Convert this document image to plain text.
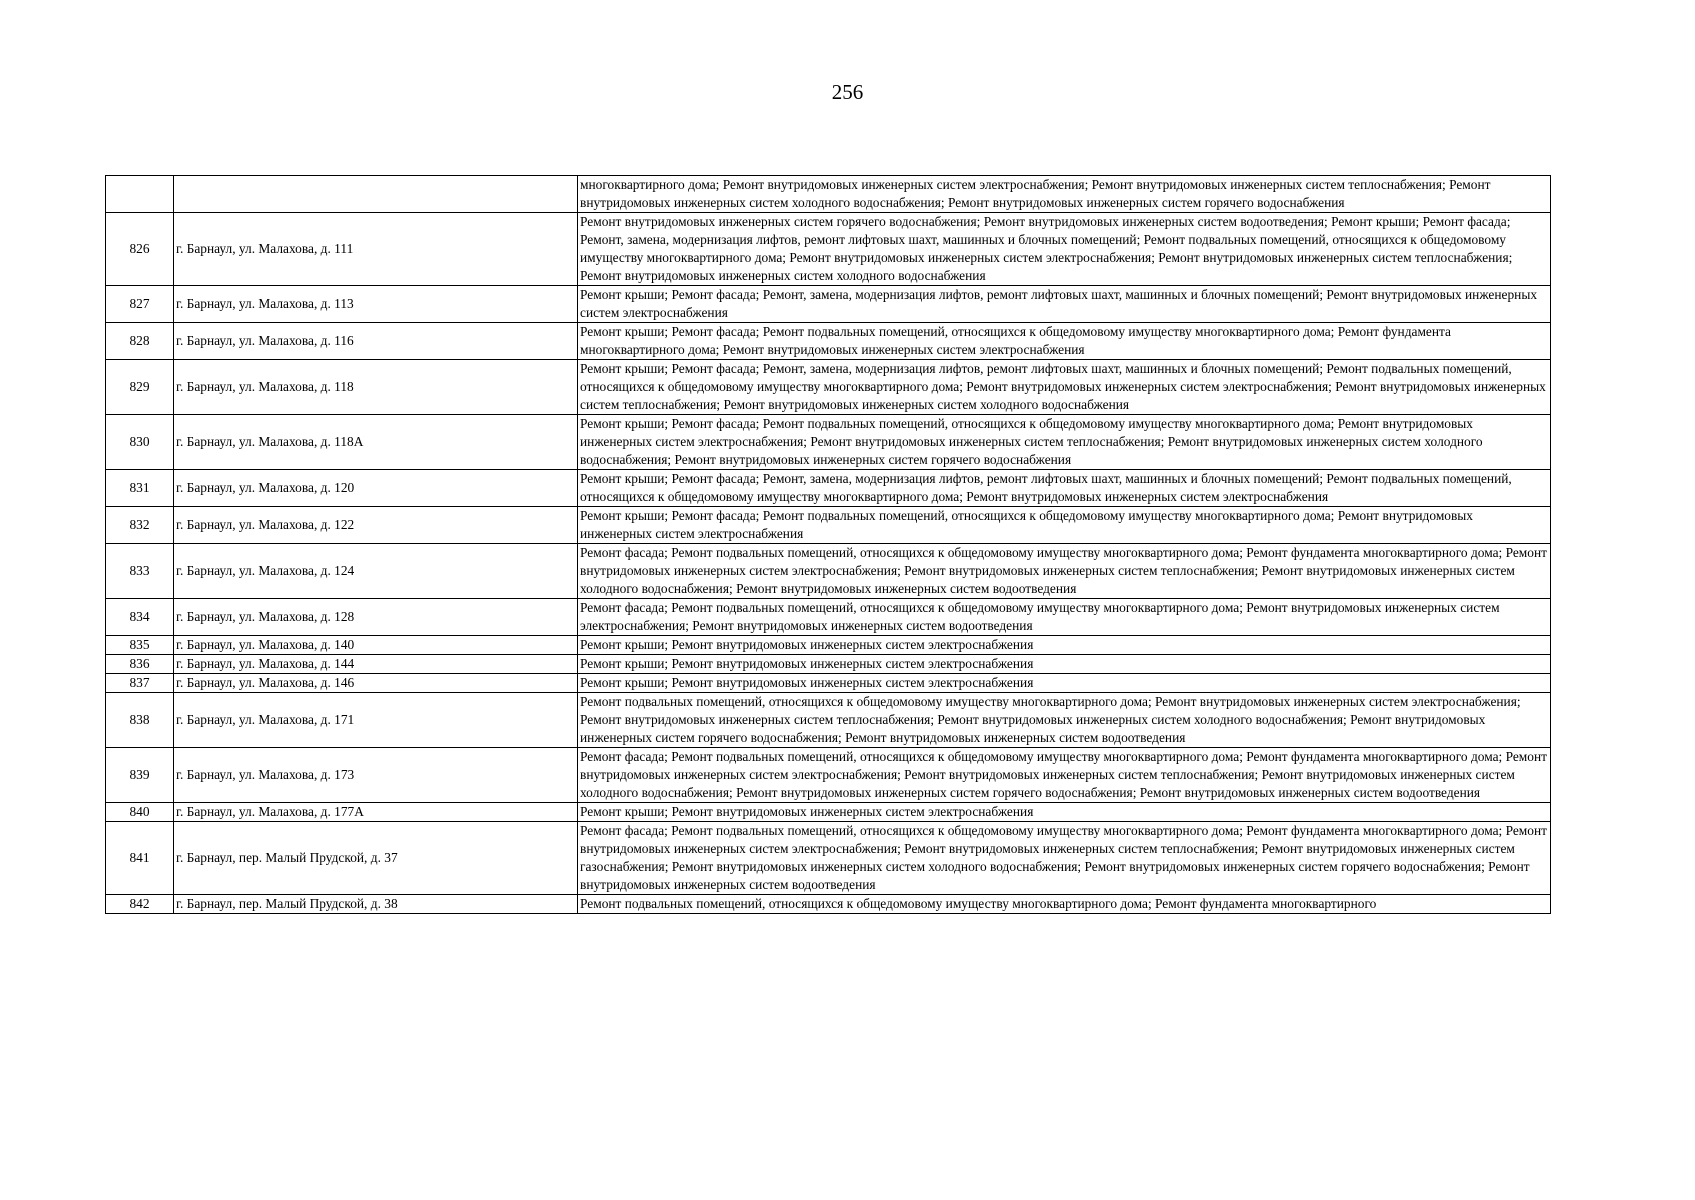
256
		многоквартирного дома; Ремонт внутридомовых инженерных систем электроснабжения; Ремонт внутридомовых инженерных систем теплоснабжения; Ремонт внутридомовых инженерных систем холодного водоснабжения; Ремонт внутридомовых инженерных систем горячего водоснабжения
826	г. Барнаул, ул. Малахова, д. 111	Ремонт внутридомовых инженерных систем горячего водоснабжения; Ремонт внутридомовых инженерных систем водоотведения; Ремонт крыши; Ремонт фасада; Ремонт, замена, модернизация лифтов, ремонт лифтовых шахт, машинных и блочных помещений; Ремонт подвальных помещений, относящихся к общедомовому имуществу многоквартирного дома; Ремонт внутридомовых инженерных систем электроснабжения; Ремонт внутридомовых инженерных систем теплоснабжения; Ремонт внутридомовых инженерных систем холодного водоснабжения
827	г. Барнаул, ул. Малахова, д. 113	Ремонт крыши; Ремонт фасада; Ремонт, замена, модернизация лифтов, ремонт лифтовых шахт, машинных и блочных помещений; Ремонт внутридомовых инженерных систем электроснабжения
828	г. Барнаул, ул. Малахова, д. 116	Ремонт крыши; Ремонт фасада; Ремонт подвальных помещений, относящихся к общедомовому имуществу многоквартирного дома; Ремонт фундамента многоквартирного дома; Ремонт внутридомовых инженерных систем электроснабжения
829	г. Барнаул, ул. Малахова, д. 118	Ремонт крыши; Ремонт фасада; Ремонт, замена, модернизация лифтов, ремонт лифтовых шахт, машинных и блочных помещений; Ремонт подвальных помещений, относящихся к общедомовому имуществу многоквартирного дома; Ремонт внутридомовых инженерных систем электроснабжения; Ремонт внутридомовых инженерных систем теплоснабжения; Ремонт внутридомовых инженерных систем холодного водоснабжения
830	г. Барнаул, ул. Малахова, д. 118А	Ремонт крыши; Ремонт фасада; Ремонт подвальных помещений, относящихся к общедомовому имуществу многоквартирного дома; Ремонт внутридомовых инженерных систем электроснабжения; Ремонт внутридомовых инженерных систем теплоснабжения; Ремонт внутридомовых инженерных систем холодного водоснабжения; Ремонт внутридомовых инженерных систем горячего водоснабжения
831	г. Барнаул, ул. Малахова, д. 120	Ремонт крыши; Ремонт фасада; Ремонт, замена, модернизация лифтов, ремонт лифтовых шахт, машинных и блочных помещений; Ремонт подвальных помещений, относящихся к общедомовому имуществу многоквартирного дома; Ремонт внутридомовых инженерных систем электроснабжения
832	г. Барнаул, ул. Малахова, д. 122	Ремонт крыши; Ремонт фасада; Ремонт подвальных помещений, относящихся к общедомовому имуществу многоквартирного дома; Ремонт внутридомовых инженерных систем электроснабжения
833	г. Барнаул, ул. Малахова, д. 124	Ремонт фасада; Ремонт подвальных помещений, относящихся к общедомовому имуществу многоквартирного дома; Ремонт фундамента многоквартирного дома; Ремонт внутридомовых инженерных систем электроснабжения; Ремонт внутридомовых инженерных систем теплоснабжения; Ремонт внутридомовых инженерных систем холодного водоснабжения; Ремонт внутридомовых инженерных систем водоотведения
834	г. Барнаул, ул. Малахова, д. 128	Ремонт фасада; Ремонт подвальных помещений, относящихся к общедомовому имуществу многоквартирного дома; Ремонт внутридомовых инженерных систем электроснабжения; Ремонт внутридомовых инженерных систем водоотведения
835	г. Барнаул, ул. Малахова, д. 140	Ремонт крыши; Ремонт внутридомовых инженерных систем электроснабжения
836	г. Барнаул, ул. Малахова, д. 144	Ремонт крыши; Ремонт внутридомовых инженерных систем электроснабжения
837	г. Барнаул, ул. Малахова, д. 146	Ремонт крыши; Ремонт внутридомовых инженерных систем электроснабжения
838	г. Барнаул, ул. Малахова, д. 171	Ремонт подвальных помещений, относящихся к общедомовому имуществу многоквартирного дома; Ремонт внутридомовых инженерных систем электроснабжения; Ремонт внутридомовых инженерных систем теплоснабжения; Ремонт внутридомовых инженерных систем холодного водоснабжения; Ремонт внутридомовых инженерных систем горячего водоснабжения; Ремонт внутридомовых инженерных систем водоотведения
839	г. Барнаул, ул. Малахова, д. 173	Ремонт фасада; Ремонт подвальных помещений, относящихся к общедомовому имуществу многоквартирного дома; Ремонт фундамента многоквартирного дома; Ремонт внутридомовых инженерных систем электроснабжения; Ремонт внутридомовых инженерных систем теплоснабжения; Ремонт внутридомовых инженерных систем холодного водоснабжения; Ремонт внутридомовых инженерных систем горячего водоснабжения; Ремонт внутридомовых инженерных систем водоотведения
840	г. Барнаул, ул. Малахова, д. 177А	Ремонт крыши; Ремонт внутридомовых инженерных систем электроснабжения
841	г. Барнаул, пер. Малый Прудской, д. 37	Ремонт фасада; Ремонт подвальных помещений, относящихся к общедомовому имуществу многоквартирного дома; Ремонт фундамента многоквартирного дома; Ремонт внутридомовых инженерных систем электроснабжения; Ремонт внутридомовых инженерных систем теплоснабжения; Ремонт внутридомовых инженерных систем газоснабжения; Ремонт внутридомовых инженерных систем холодного водоснабжения; Ремонт внутридомовых инженерных систем горячего водоснабжения; Ремонт внутридомовых инженерных систем водоотведения
842	г. Барнаул, пер. Малый Прудской, д. 38	Ремонт подвальных помещений, относящихся к общедомовому имуществу многоквартирного дома; Ремонт фундамента многоквартирного
